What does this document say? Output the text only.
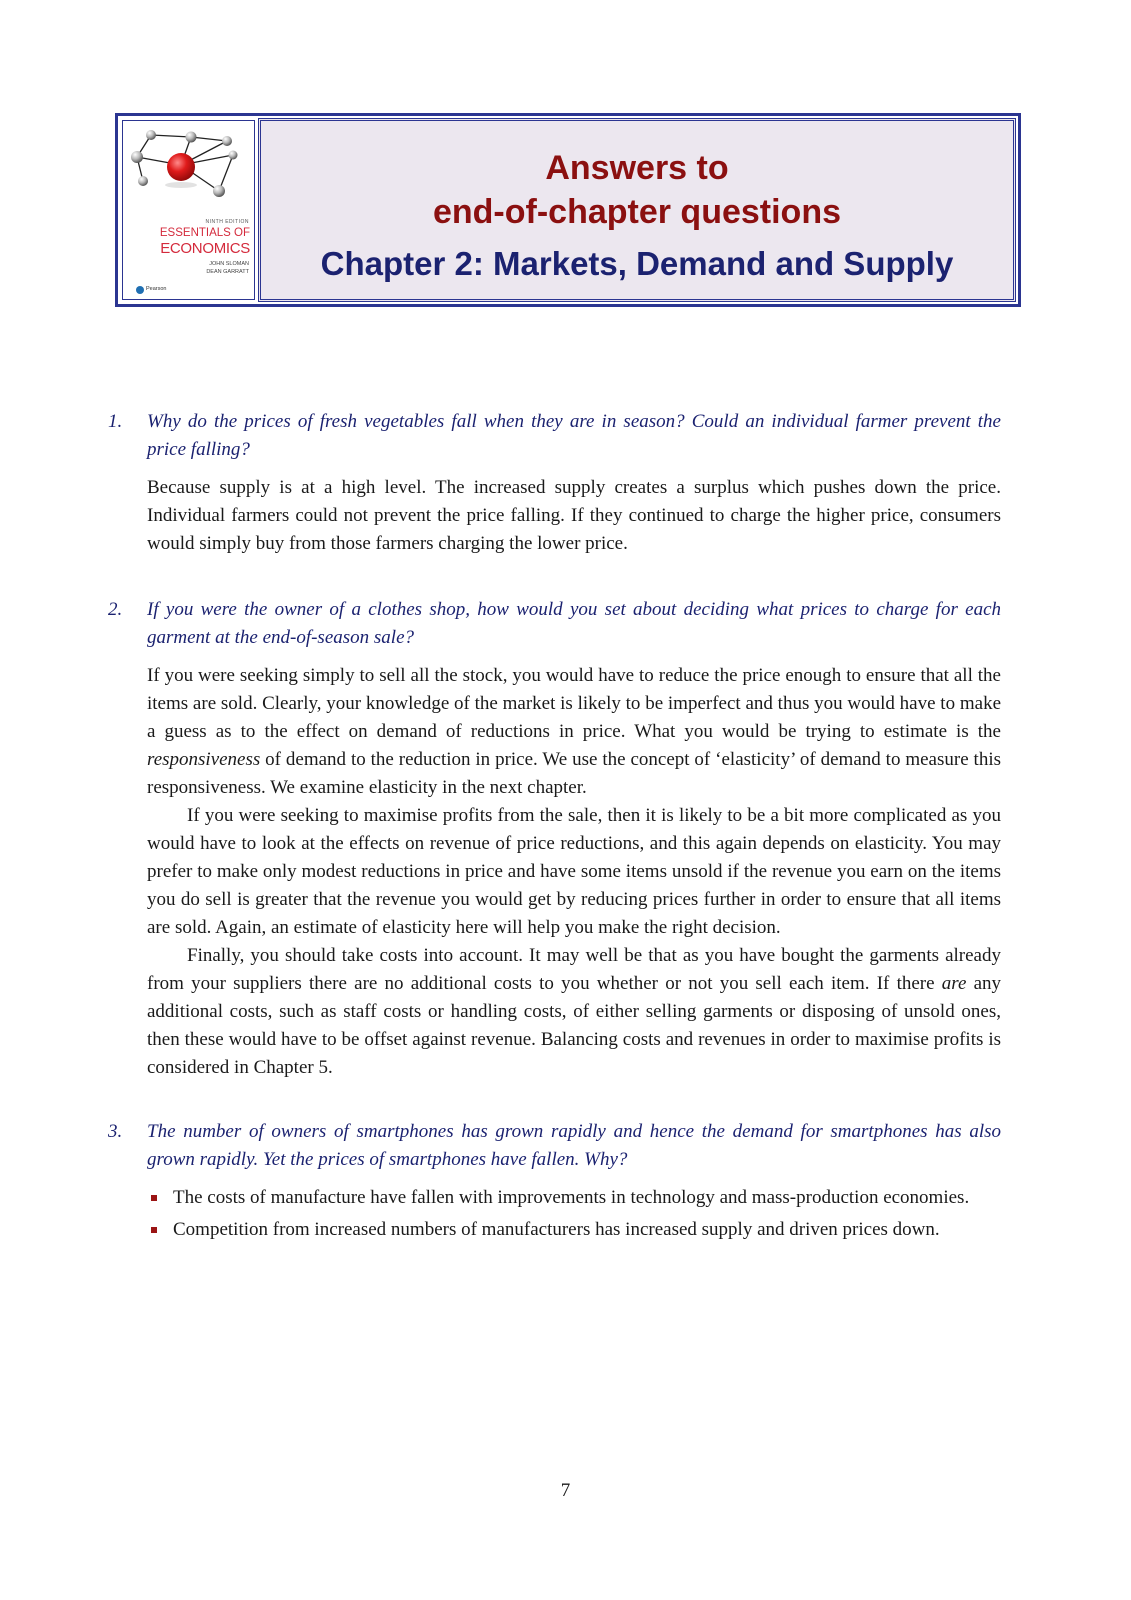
NINTH EDITION
ESSENTIALS OF
ECONOMICS
JOHN SLOMAN
DEAN GARRATT
Pearson
Answers to
end-of-chapter questions
Chapter 2: Markets, Demand and Supply
1. Why do the prices of fresh vegetables fall when they are in season? Could an individual farmer prevent the price falling?

Because supply is at a high level. The increased supply creates a surplus which pushes down the price. Individual farmers could not prevent the price falling. If they continued to charge the higher price, consumers would simply buy from those farmers charging the lower price.

2. If you were the owner of a clothes shop, how would you set about deciding what prices to charge for each garment at the end-of-season sale?

If you were seeking simply to sell all the stock, you would have to reduce the price enough to ensure that all the items are sold. Clearly, your knowledge of the market is likely to be imperfect and thus you would have to make a guess as to the effect on demand of reductions in price. What you would be trying to estimate is the responsiveness of demand to the reduction in price. We use the concept of ‘elasticity’ of demand to measure this responsiveness. We examine elasticity in the next chapter.

If you were seeking to maximise profits from the sale, then it is likely to be a bit more complicated as you would have to look at the effects on revenue of price reductions, and this again depends on elasticity. You may prefer to make only modest reductions in price and have some items unsold if the revenue you earn on the items you do sell is greater that the revenue you would get by reducing prices further in order to ensure that all items are sold. Again, an estimate of elasticity here will help you make the right decision.

Finally, you should take costs into account. It may well be that as you have bought the garments already from your suppliers there are no additional costs to you whether or not you sell each item. If there are any additional costs, such as staff costs or handling costs, of either selling garments or disposing of unsold ones, then these would have to be offset against revenue. Balancing costs and revenues in order to maximise profits is considered in Chapter 5.

3. The number of owners of smartphones has grown rapidly and hence the demand for smartphones has also grown rapidly. Yet the prices of smartphones have fallen. Why?

The costs of manufacture have fallen with improvements in technology and mass-production economies.
Competition from increased numbers of manufacturers has increased supply and driven prices down.
7
